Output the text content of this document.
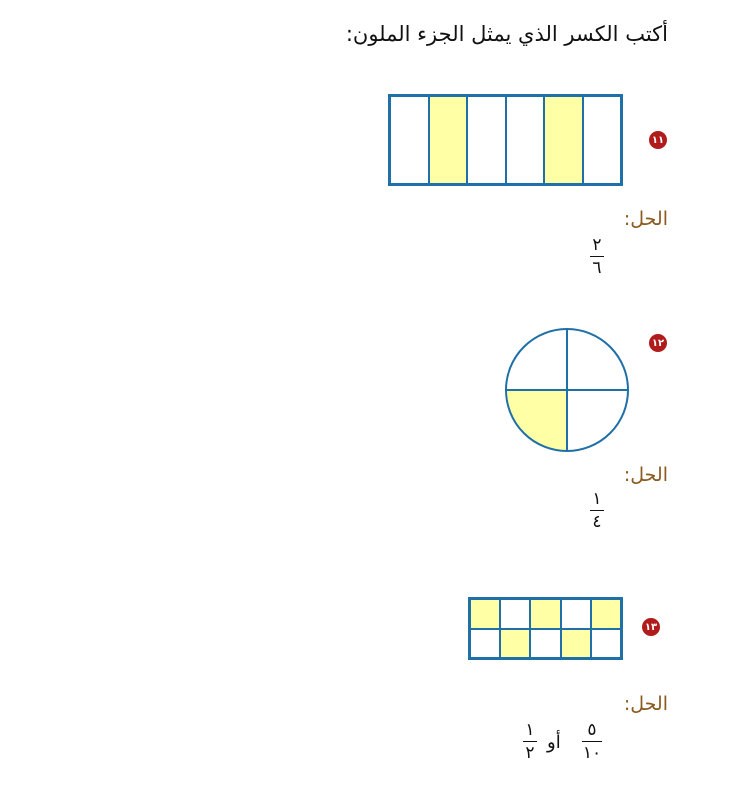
أكتب الكسر الذي يمثل الجزء الملون:
١١
الحل:
٢
٦
١٢
الحل:
١
٤
١٣
الحل:
٥
١٠
أو
١
٢
